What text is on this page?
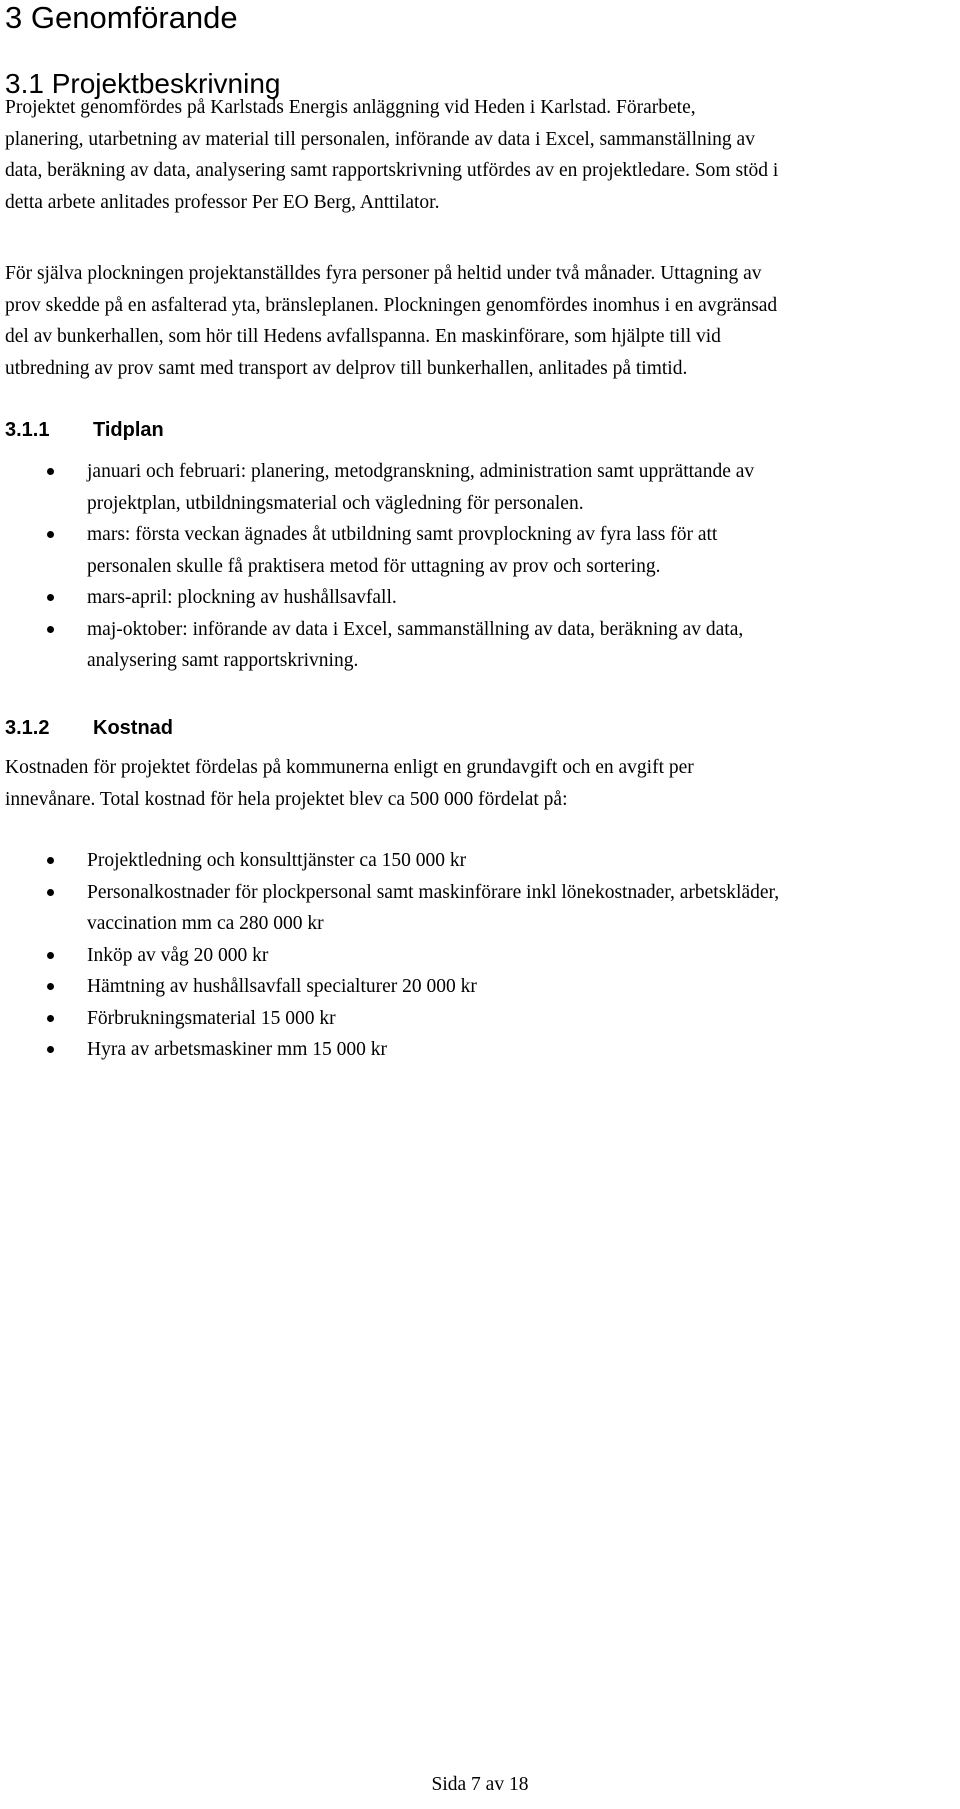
3 Genomförande
3.1 Projektbeskrivning
Projektet genomfördes på Karlstads Energis anläggning vid Heden i Karlstad. Förarbete,
planering, utarbetning av material till personalen, införande av data i Excel, sammanställning av
data, beräkning av data, analysering samt rapportskrivning utfördes av en projektledare. Som stöd i
detta arbete anlitades professor Per EO Berg, Anttilator.
För själva plockningen projektanställdes fyra personer på heltid under två månader. Uttagning av
prov skedde på en asfalterad yta, bränsleplanen. Plockningen genomfördes inomhus i en avgränsad
del av bunkerhallen, som hör till Hedens avfallspanna. En maskinförare, som hjälpte till vid
utbredning av prov samt med transport av delprov till bunkerhallen, anlitades på timtid.
3.1.1 Tidplan
januari och februari: planering, metodgranskning, administration samt upprättande av
projektplan, utbildningsmaterial och vägledning för personalen.
mars: första veckan ägnades åt utbildning samt provplockning av fyra lass för att
personalen skulle få praktisera metod för uttagning av prov och sortering.
mars-april: plockning av hushållsavfall.
maj-oktober: införande av data i Excel, sammanställning av data, beräkning av data,
analysering samt rapportskrivning.
3.1.2 Kostnad
Kostnaden för projektet fördelas på kommunerna enligt en grundavgift och en avgift per
innevånare. Total kostnad för hela projektet blev ca 500 000 fördelat på:
Projektledning och konsulttjänster ca 150 000 kr
Personalkostnader för plockpersonal samt maskinförare inkl lönekostnader, arbetskläder,
vaccination mm ca 280 000 kr
Inköp av våg 20 000 kr
Hämtning av hushållsavfall specialturer 20 000 kr
Förbrukningsmaterial 15 000 kr
Hyra av arbetsmaskiner mm 15 000 kr
Sida 7 av 18
